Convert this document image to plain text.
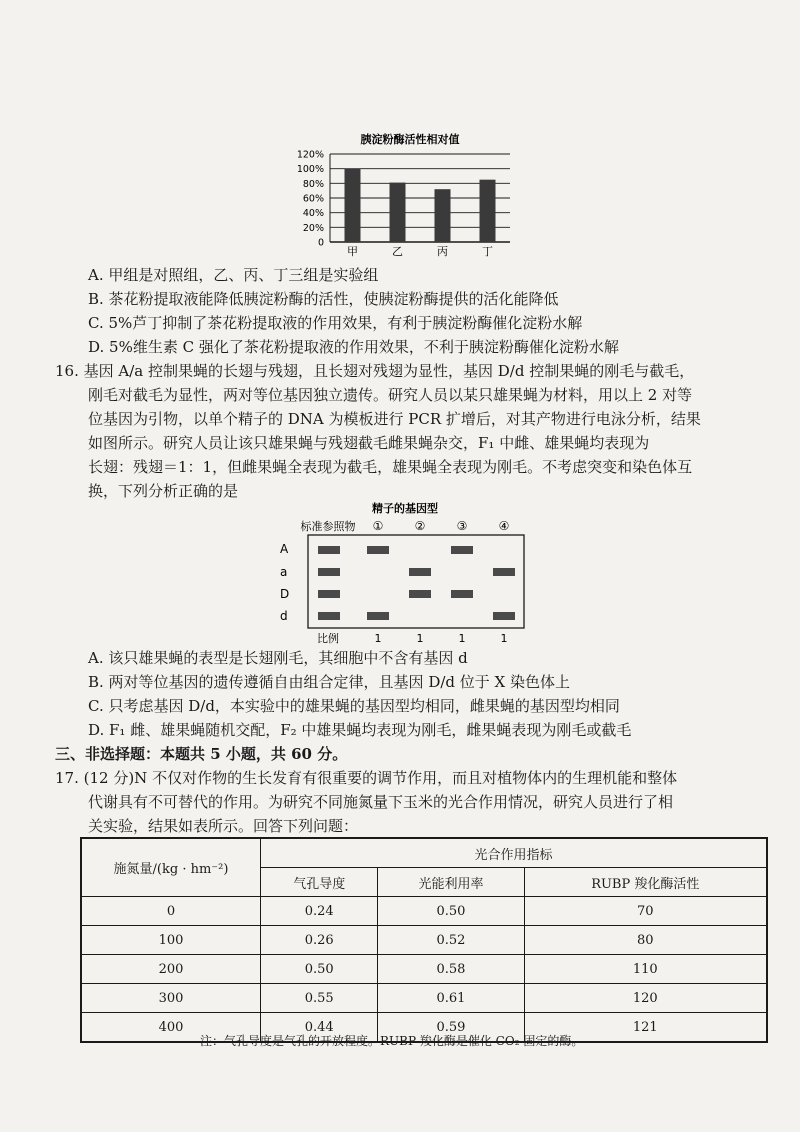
胰淀粉酶活性相对值
120%
100%
80%
60%
40%
20%
0
甲	乙	丙	丁
A. 甲组是对照组，乙、丙、丁三组是实验组
B. 茶花粉提取液能降低胰淀粉酶的活性，使胰淀粉酶提供的活化能降低
C. 5%芦丁抑制了茶花粉提取液的作用效果，有利于胰淀粉酶催化淀粉水解
D. 5%维生素 C 强化了茶花粉提取液的作用效果，不利于胰淀粉酶催化淀粉水解
16. 基因 A/a 控制果蝇的长翅与残翅，且长翅对残翅为显性，基因 D/d 控制果蝇的刚毛与截毛，
刚毛对截毛为显性，两对等位基因独立遗传。研究人员以某只雄果蝇为材料，用以上 2 对等
位基因为引物，以单个精子的 DNA 为模板进行 PCR 扩增后，对其产物进行电泳分析，结果
如图所示。研究人员让该只雄果蝇与残翅截毛雌果蝇杂交，F₁ 中雌、雄果蝇均表现为
长翅：残翅＝1：1，但雌果蝇全表现为截毛，雄果蝇全表现为刚毛。不考虑突变和染色体互
换，下列分析正确的是
精子的基因型
标准参照物 ①	②	③	④
A
a
D
d
比例	1	1	1	1
A. 该只雄果蝇的表型是长翅刚毛，其细胞中不含有基因 d
B. 两对等位基因的遗传遵循自由组合定律，且基因 D/d 位于 X 染色体上
C. 只考虑基因 D/d，本实验中的雄果蝇的基因型均相同，雌果蝇的基因型均相同
D. F₁ 雌、雄果蝇随机交配，F₂ 中雄果蝇均表现为刚毛，雌果蝇表现为刚毛或截毛
三、非选择题：本题共 5 小题，共 60 分。
17. (12 分)N 不仅对作物的生长发育有很重要的调节作用，而且对植物体内的生理机能和整体
代谢具有不可替代的作用。为研究不同施氮量下玉米的光合作用情况，研究人员进行了相
关实验，结果如表所示。回答下列问题：
施氮量/(kg · hm⁻²)	光合作用指标		
	气孔导度	光能利用率	RUBP 羧化酶活性
0	0.24	0.50	70
100	0.26	0.52	80
200	0.50	0.58	110
300	0.55	0.61	120
400	0.44	0.59	121
注：气孔导度是气孔的开放程度。RUBP 羧化酶是催化 CO₂ 固定的酶。
